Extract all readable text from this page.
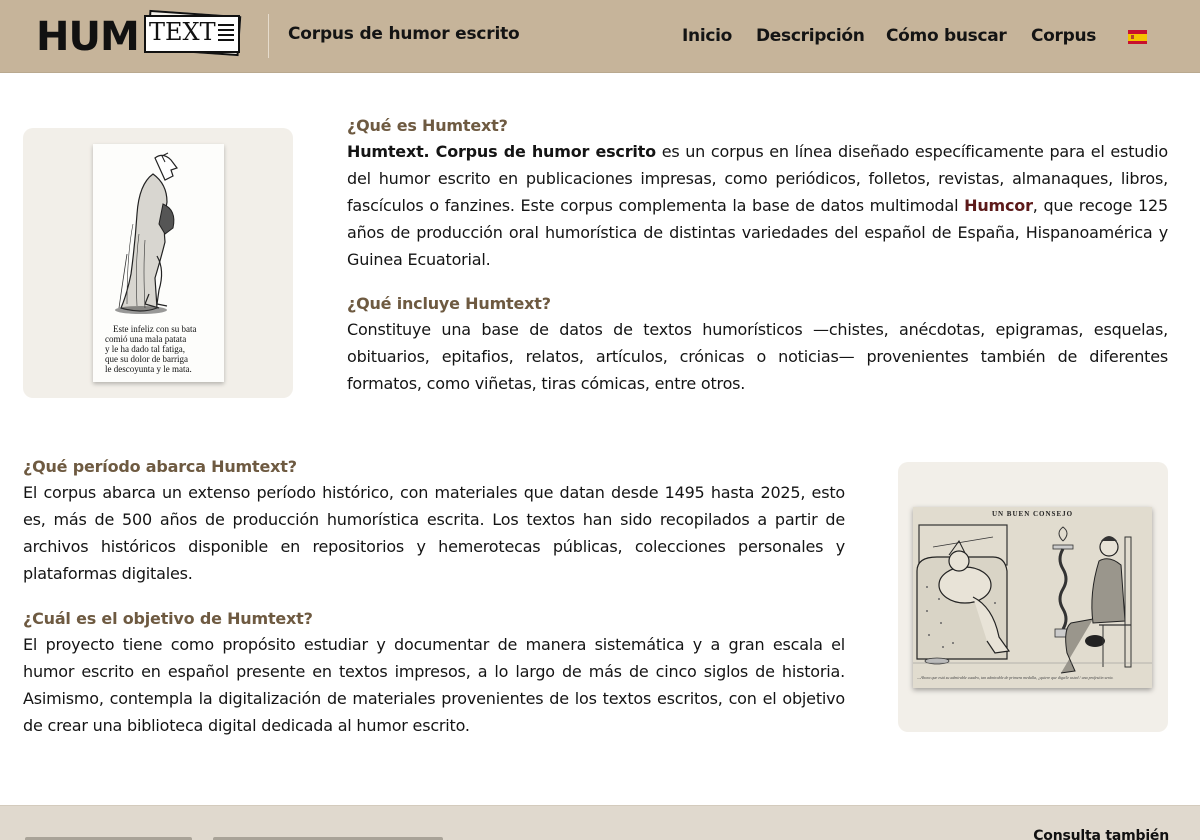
HUM TEXT	Corpus de humor escrito	Inicio Descripción Cómo buscar Corpus
Este infeliz con su bata
comió una mala patata
y le ha dado tal fatiga,
que su dolor de barriga
le descoyunta y le mata.
¿Qué es Humtext?

Humtext. Corpus de humor escrito es un corpus en línea diseñado específicamente para el estudio del humor escrito en publicaciones impresas, como periódicos, folletos, revistas, almanaques, libros, fascículos o fanzines. Este corpus complementa la base de datos multimodal Humcor, que recoge 125 años de producción oral humorística de distintas variedades del español de España, Hispanoamérica y Guinea Ecuatorial.

¿Qué incluye Humtext?

Constituye una base de datos de textos humorísticos —chistes, anécdotas, epigramas, esquelas, obituarios, epitafios, relatos, artículos, crónicas o noticias— provenientes también de diferentes formatos, como viñetas, tiras cómicas, entre otros.

¿Qué período abarca Humtext?

El corpus abarca un extenso período histórico, con materiales que datan desde 1495 hasta 2025, esto es, más de 500 años de producción humorística escrita. Los textos han sido recopilados a partir de archivos históricos disponible en repositorios y hemerotecas públicas, colecciones personales y plataformas digitales.

¿Cuál es el objetivo de Humtext?

El proyecto tiene como propósito estudiar y documentar de manera sistemática y a gran escala el humor escrito en español presente en textos impresos, a lo largo de más de cinco siglos de historia. Asimismo, contempla la digitalización de materiales provenientes de los textos escritos, con el objetivo de crear una biblioteca digital dedicada al humor escrito.

UN BUEN CONSEJO
—Ahora que está su admirable cuadro, tan admirable de primera medalla, ¿quiere que diga/le usted / una profesión seria.
Consulta también
